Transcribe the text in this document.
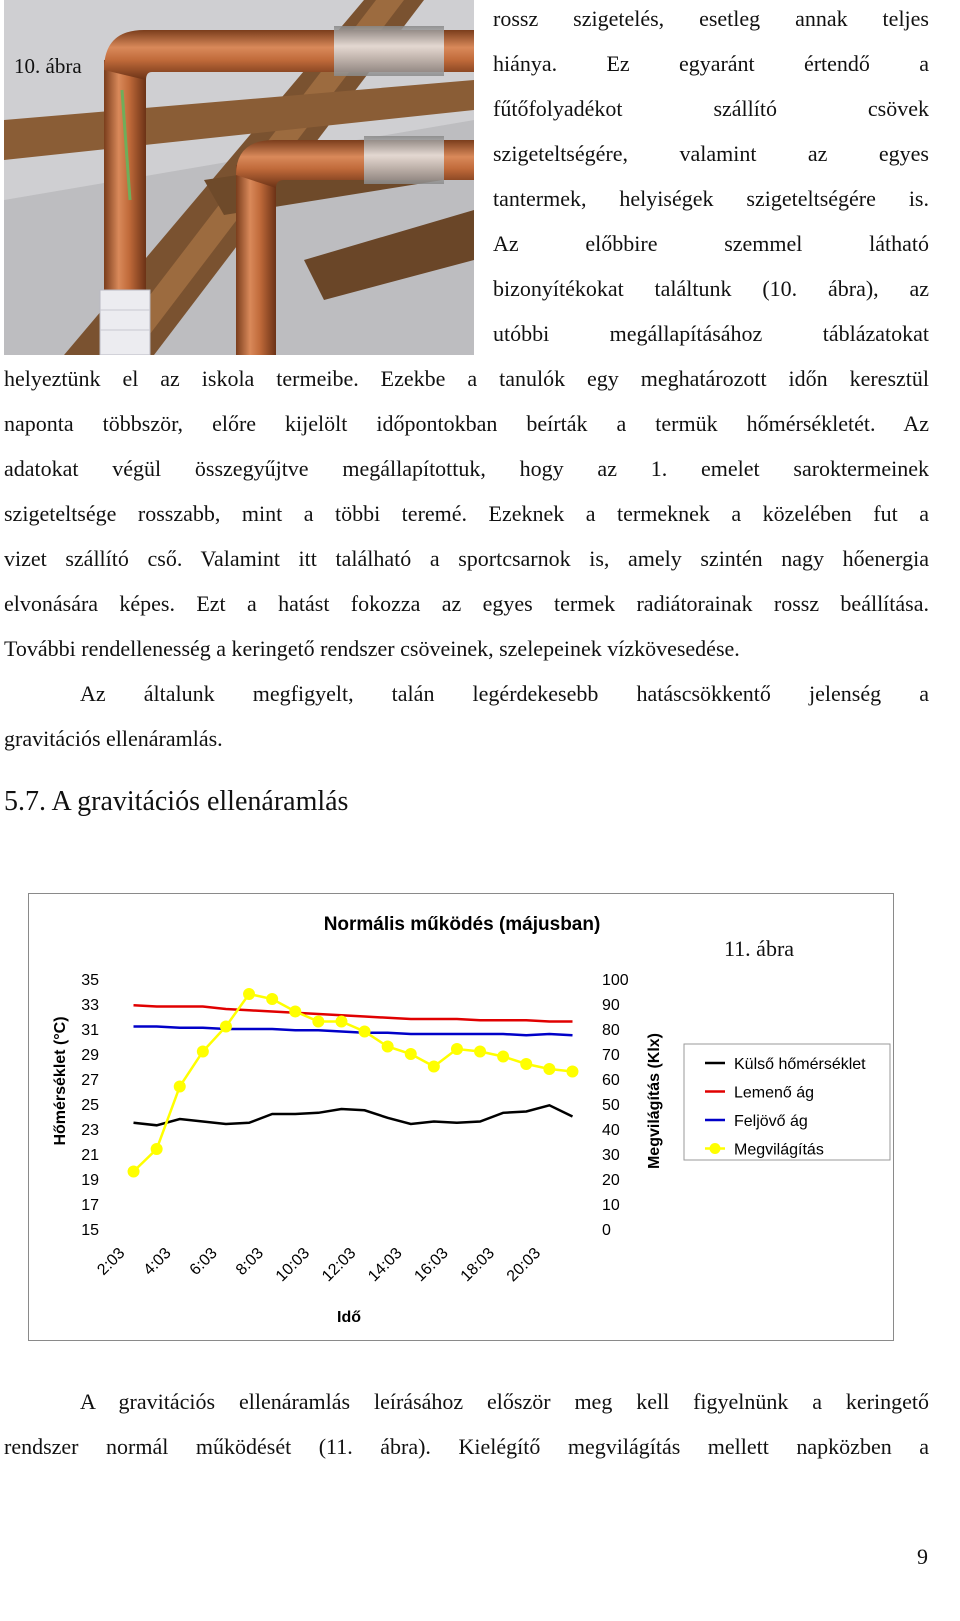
10. ábra

rossz szigetelés, esetleg annak teljes
hiánya. Ez egyaránt értendő a
fűtőfolyadékot szállító csövek
szigeteltségére, valamint az egyes
tantermek, helyiségek szigeteltségére is.
Az előbbire szemmel látható
bizonyítékokat találtunk (10. ábra), az
utóbbi megállapításához táblázatokat
helyeztünk el az iskola termeibe. Ezekbe a tanulók egy meghatározott időn keresztül
naponta többször, előre kijelölt időpontokban beírták a termük hőmérsékletét. Az
adatokat végül összegyűjtve megállapítottuk, hogy az 1. emelet saroktermeinek
szigeteltsége rosszabb, mint a többi teremé. Ezeknek a termeknek a közelében fut a
vizet szállító cső. Valamint itt található a sportcsarnok is, amely szintén nagy hőenergia
elvonására képes. Ezt a hatást fokozza az egyes termek radiátorainak rossz beállítása.
További rendellenesség a keringető rendszer csöveinek, szelepeinek vízkövesedése.
Az általunk megfigyelt, talán legérdekesebb hatáscsökkentő jelenség a
gravitációs ellenáramlás.
5.7. A gravitációs ellenáramlás
Normális működés (májusban)
Hőmérséklet (°C)	Megvilágítás (Klx)
Idő
15
17
19
21
23
25
27
29
31
33
35
0
10
20
30
40
50
60
70
80
90
100
2:03 4:03 6:03 8:03 10:03 12:03 14:03 16:03 18:03 20:03
Külső hőmérséklet
Lemenő ág
Feljövő ág
Megvilágítás

11. ábra

A gravitációs ellenáramlás leírásához először meg kell figyelnünk a keringető
rendszer normál működését (11. ábra). Kielégítő megvilágítás mellett napközben a

9
